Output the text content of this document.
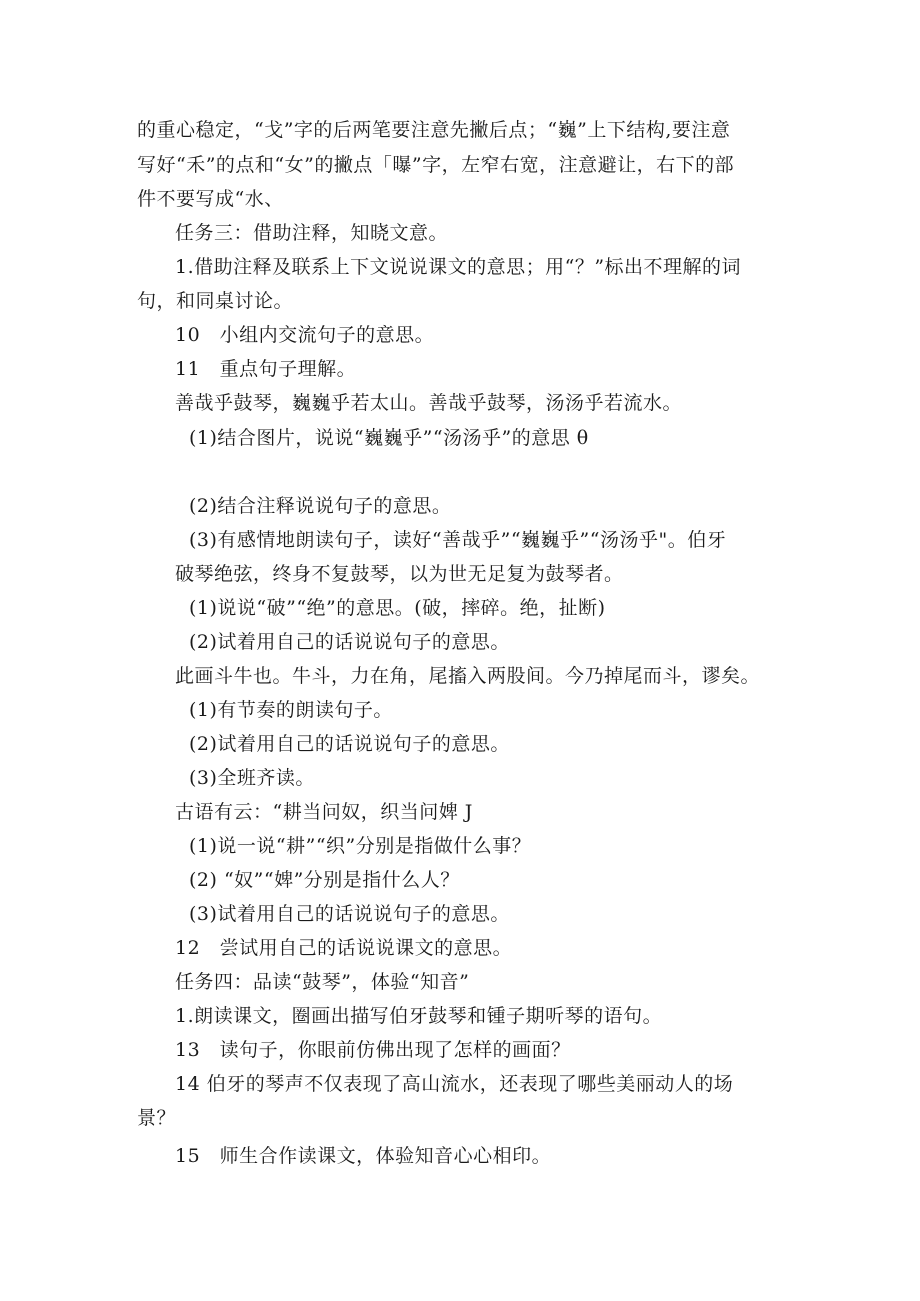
的重心稳定，“戈”字的后两笔要注意先撇后点；“巍”上下结构,要注意
写好“禾”的点和“女”的撇点「曝”字，左窄右宽，注意避让，右下的部
件不要写成“水、
任务三：借助注释，知晓文意。
1.借助注释及联系上下文说说课文的意思；用“？”标出不理解的词
句，和同桌讨论。
10　小组内交流句子的意思。
11　重点句子理解。
善哉乎鼓琴，巍巍乎若太山。善哉乎鼓琴，汤汤乎若流水。
(1)结合图片，说说“巍巍乎”“汤汤乎”的意思 θ
(2)结合注释说说句子的意思。
(3)有感情地朗读句子，读好“善哉乎”“巍巍乎”“汤汤乎"。伯牙
破琴绝弦，终身不复鼓琴，以为世无足复为鼓琴者。
(1)说说“破”“绝”的意思。(破，摔碎。绝，扯断)
(2)试着用自己的话说说句子的意思。
此画斗牛也。牛斗，力在角，尾搐入两股间。今乃掉尾而斗，谬矣。
(1)有节奏的朗读句子。
(2)试着用自己的话说说句子的意思。
(3)全班齐读。
古语有云：“耕当问奴，织当问婢 J
(1)说一说“耕”“织”分别是指做什么事？
(2) “奴”“婢”分别是指什么人？
(3)试着用自己的话说说句子的意思。
12　尝试用自己的话说说课文的意思。
任务四：品读“鼓琴”，体验“知音”
1.朗读课文，圈画出描写伯牙鼓琴和锺子期听琴的语句。
13　读句子，你眼前仿佛出现了怎样的画面？
14 伯牙的琴声不仅表现了高山流水，还表现了哪些美丽动人的场
景？
15　师生合作读课文，体验知音心心相印。
